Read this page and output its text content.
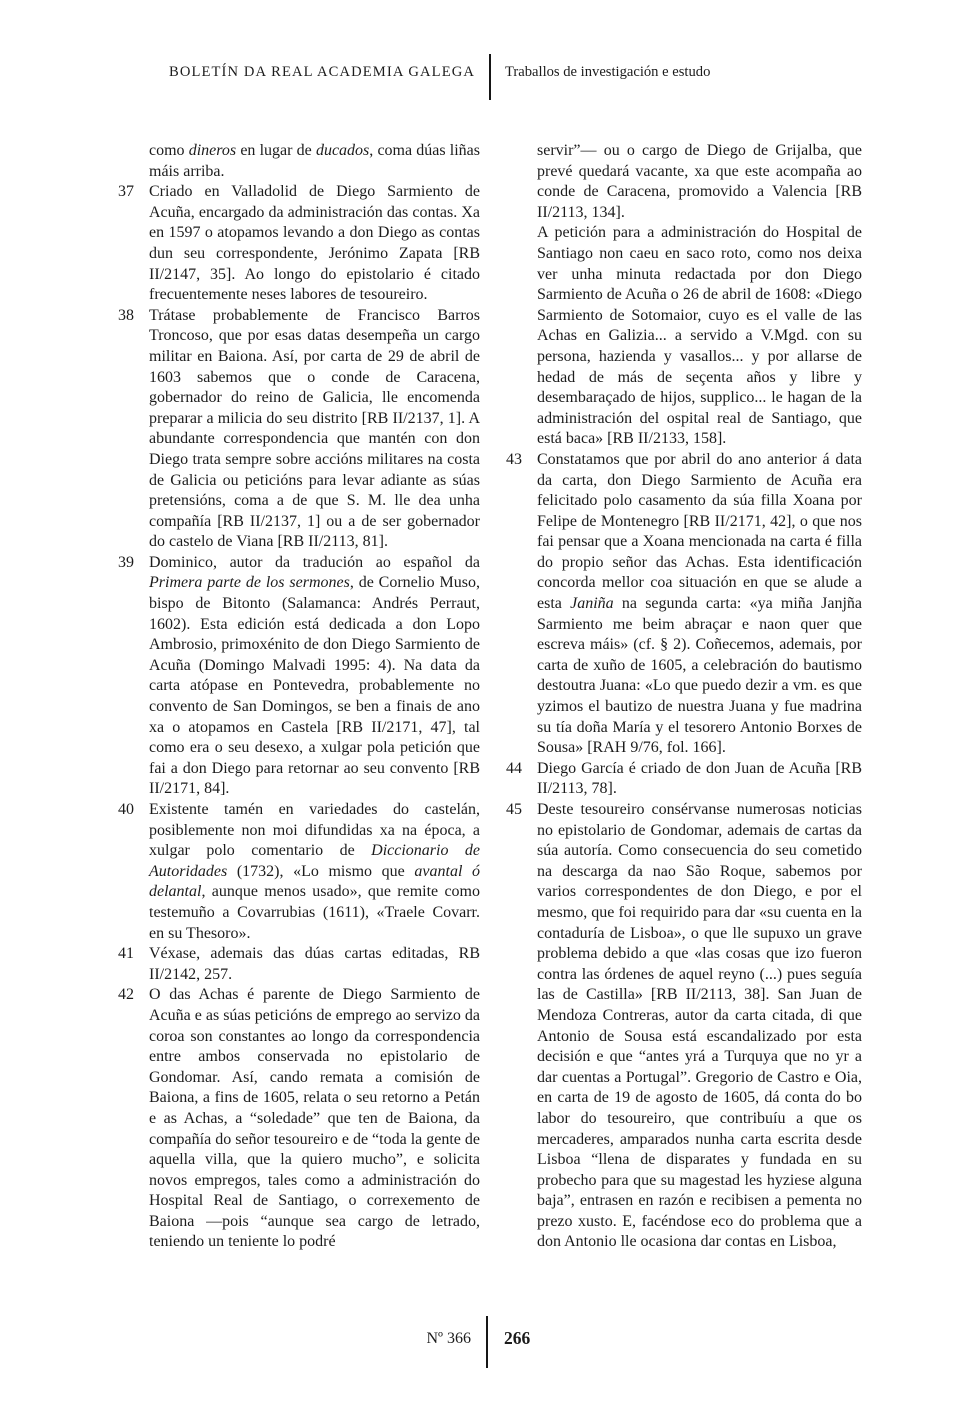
BOLETÍN DA REAL ACADEMIA GALEGA Traballos de investigación e estudo
como dineros en lugar de ducados, coma dúas liñas máis arriba.
37 Criado en Valladolid de Diego Sarmiento de Acuña, encargado da administración das contas. Xa en 1597 o atopamos levando a don Diego as contas dun seu correspondente, Jerónimo Zapata [RB II/2147, 35]. Ao longo do epistolario é citado frecuentemente neses labores de tesoureiro.
38 Trátase probablemente de Francisco Barros Troncoso, que por esas datas desempeña un cargo militar en Baiona. Así, por carta de 29 de abril de 1603 sabemos que o conde de Caracena, gobernador do reino de Galicia, lle encomenda preparar a milicia do seu distrito [RB II/2137, 1]. A abundante correspondencia que mantén con don Diego trata sempre sobre accións militares na costa de Galicia ou peticións para levar adiante as súas pretensións, coma a de que S. M. lle dea unha compañía [RB II/2137, 1] ou a de ser gobernador do castelo de Viana [RB II/2113, 81].
39 Dominico, autor da tradución ao español da Primera parte de los sermones, de Cornelio Muso, bispo de Bitonto (Salamanca: Andrés Perraut, 1602). Esta edición está dedicada a don Lopo Ambrosio, primoxénito de don Diego Sarmiento de Acuña (Domingo Malvadi 1995: 4). Na data da carta atópase en Pontevedra, probablemente no convento de San Domingos, se ben a finais de ano xa o atopamos en Castela [RB II/2171, 47], tal como era o seu desexo, a xulgar pola petición que fai a don Diego para retornar ao seu convento [RB II/2171, 84].
40 Existente tamén en variedades do castelán, posiblemente non moi difundidas xa na época, a xulgar polo comentario de Diccionario de Autoridades (1732), «Lo mismo que avantal ó delantal, aunque menos usado», que remite como testemuño a Covarrubias (1611), «Traele Covarr. en su Thesoro».
41 Véxase, ademais das dúas cartas editadas, RB II/2142, 257.
42 O das Achas é parente de Diego Sarmiento de Acuña e as súas peticións de emprego ao servizo da coroa son constantes ao longo da correspondencia entre ambos conservada no epistolario de Gondomar. Así, cando remata a comisión de Baiona, a fins de 1605, relata o seu retorno a Petán e as Achas, a “soledade” que ten de Baiona, da compañía do señor tesoureiro e de “toda la gente de aquella villa, que la quiero mucho”, e solicita novos empregos, tales como a administración do Hospital Real de Santiago, o correxemento de Baiona —pois “aunque sea cargo de letrado, teniendo un teniente lo podré
servir”— ou o cargo de Diego de Grijalba, que prevé quedará vacante, xa que este acompaña ao conde de Caracena, promovido a Valencia [RB II/2113, 134].
A petición para a administración do Hospital de Santiago non caeu en saco roto, como nos deixa ver unha minuta redactada por don Diego Sarmiento de Acuña o 26 de abril de 1608: «Diego Sarmiento de Sotomaior, cuyo es el valle de las Achas en Galizia... a servido a V.Mgd. con su persona, hazienda y vasallos... y por allarse de hedad de más de seçenta años y libre y desembaraçado de hijos, supplico... le hagan de la administración del ospital real de Santiago, que está baca» [RB II/2133, 158].
43 Constatamos que por abril do ano anterior á data da carta, don Diego Sarmiento de Acuña era felicitado polo casamento da súa filla Xoana por Felipe de Montenegro [RB II/2171, 42], o que nos fai pensar que a Xoana mencionada na carta é filla do propio señor das Achas. Esta identificación concorda mellor coa situación en que se alude a esta Janiña na segunda carta: «ya miña Janjña Sarmiento me beim abraçar e naon quer que escreva máis» (cf. § 2). Coñecemos, ademais, por carta de xuño de 1605, a celebración do bautismo destoutra Juana: «Lo que puedo dezir a vm. es que yzimos el bautizo de nuestra Juana y fue madrina su tía doña María y el tesorero Antonio Borxes de Sousa» [RAH 9/76, fol. 166].
44 Diego García é criado de don Juan de Acuña [RB II/2113, 78].
45 Deste tesoureiro consérvanse numerosas noticias no epistolario de Gondomar, ademais de cartas da súa autoría. Como consecuencia do seu cometido na descarga da nao São Roque, sabemos por varios correspondentes de don Diego, e por el mesmo, que foi requirido para dar «su cuenta en la contaduría de Lisboa», o que lle supuxo un grave problema debido a que «las cosas que izo fueron contra las órdenes de aquel reyno (...) pues seguía las de Castilla» [RB II/2113, 38]. San Juan de Mendoza Contreras, autor da carta citada, di que Antonio de Sousa está escandalizado por esta decisión e que “antes yrá a Turquya que no yr a dar cuentas a Portugal”. Gregorio de Castro e Oia, en carta de 19 de agosto de 1605, dá conta do bo labor do tesoureiro, que contribuíu a que os mercaderes, amparados nunha carta escrita desde Lisboa “llena de disparates y fundada en su probecho para que su magestad les hyziese alguna baja”, entrasen en razón e recibisen a pementa no prezo xusto. E, facéndose eco do problema que a don Antonio lle ocasiona dar contas en Lisboa,
Nº 366 266
